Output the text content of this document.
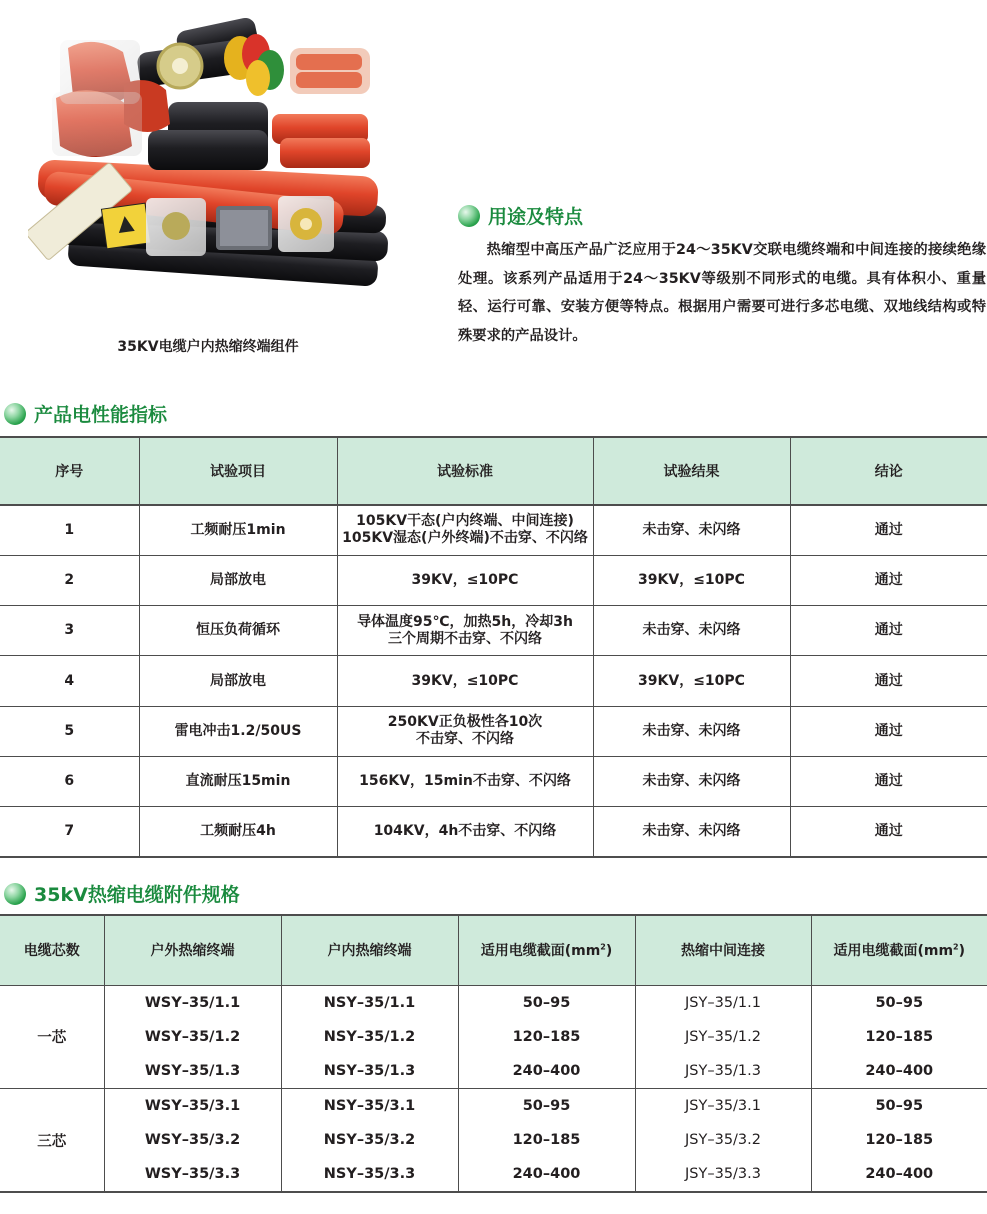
35KV电缆户内热缩终端组件
用途及特点
热缩型中高压产品广泛应用于24～35KV交联电缆终端和中间连接的接续绝缘处理。该系列产品适用于24～35KV等级别不同形式的电缆。具有体积小、重量轻、运行可靠、安装方便等特点。根据用户需要可进行多芯电缆、双地线结构或特殊要求的产品设计。
产品电性能指标
序号	试验项目	试验标准	试验结果	结论
1	工频耐压1min	105KV干态(户内终端、中间连接)
105KV湿态(户外终端)不击穿、不闪络	未击穿、未闪络	通过
2	局部放电	39KV，≤10PC	39KV，≤10PC	通过
3	恒压负荷循环	导体温度95℃，加热5h，冷却3h
三个周期不击穿、不闪络	未击穿、未闪络	通过
4	局部放电	39KV，≤10PC	39KV，≤10PC	通过
5	雷电冲击1.2/50US	250KV正负极性各10次
不击穿、不闪络	未击穿、未闪络	通过
6	直流耐压15min	156KV，15min不击穿、不闪络	未击穿、未闪络	通过
7	工频耐压4h	104KV，4h不击穿、不闪络	未击穿、未闪络	通过
35kV热缩电缆附件规格
电缆芯数	户外热缩终端	户内热缩终端	适用电缆截面$(mm^2)$	热缩中间连接	适用电缆截面$(mm^2)$
一芯	WSY–35/1.1	NSY–35/1.1	50–95	JSY–35/1.1	50–95
	WSY–35/1.2	NSY–35/1.2	120–185	JSY–35/1.2	120–185
	WSY–35/1.3	NSY–35/1.3	240–400	JSY–35/1.3	240–400
三芯	WSY–35/3.1	NSY–35/3.1	50–95	JSY–35/3.1	50–95
	WSY–35/3.2	NSY–35/3.2	120–185	JSY–35/3.2	120–185
	WSY–35/3.3	NSY–35/3.3	240–400	JSY–35/3.3	240–400
